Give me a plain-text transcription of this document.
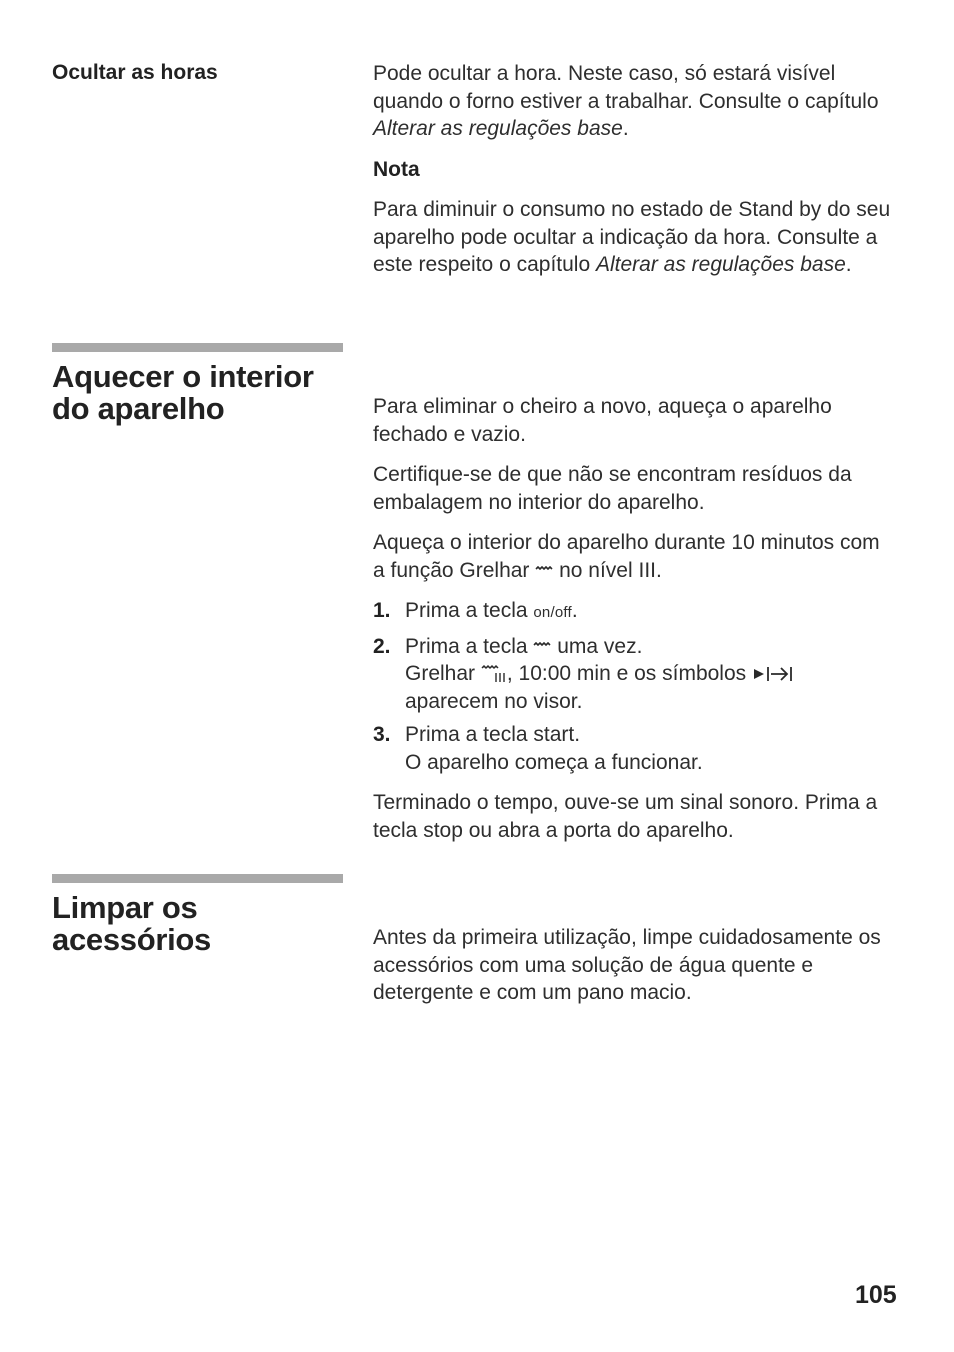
Ocultar as horas	Pode ocultar a hora. Neste caso, só estará visível quando o forno estiver a trabalhar. Consulte o capítulo Alterar as regulações base.

Nota

Para diminuir o consumo no estado de Stand by do seu aparelho pode ocultar a indicação da hora. Consulte a este respeito o capítulo Alterar as regulações base.

Aquecer o interior
do aparelho	Para eliminar o cheiro a novo, aqueça o aparelho fechado e vazio.

Certifique-se de que não se encontram resíduos da embalagem no interior do aparelho.

Aqueça o interior do aparelho durante 10 minutos com a função Grelhar  no nível III.

1. Prima a tecla on/off.
2. Prima a tecla  uma vez.
Grelhar , 10:00 min e os símbolos
aparecem no visor.
3. Prima a tecla start.
O aparelho começa a funcionar.

Terminado o tempo, ouve-se um sinal sonoro. Prima a tecla stop ou abra a porta do aparelho.

Limpar os
acessórios	Antes da primeira utilização, limpe cuidadosamente os acessórios com uma solução de água quente e detergente e com um pano macio.

105
